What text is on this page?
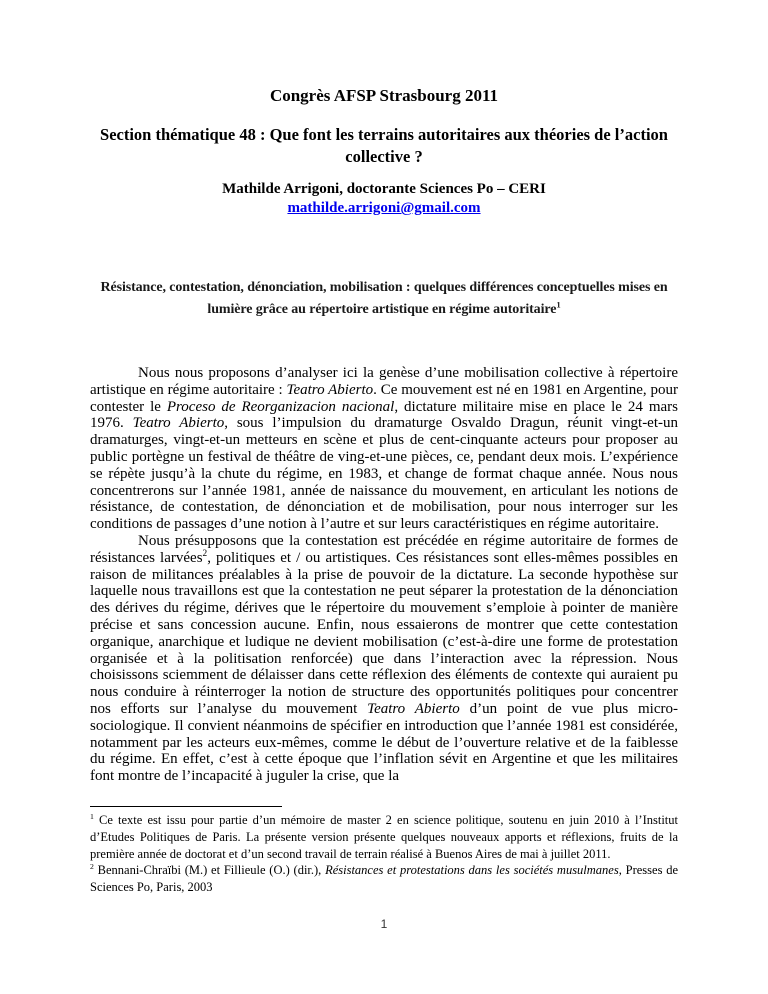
Congrès AFSP Strasbourg 2011
Section thématique 48 : Que font les terrains autoritaires aux théories de l’action collective ?

Mathilde Arrigoni, doctorante Sciences Po – CERI

mathilde.arrigoni@gmail.com

Résistance, contestation, dénonciation, mobilisation : quelques différences conceptuelles mises en lumière grâce au répertoire artistique en régime autoritaire$^1$

Nous nous proposons d’analyser ici la genèse d’une mobilisation collective à répertoire artistique en régime autoritaire : Teatro Abierto. Ce mouvement est né en 1981 en Argentine, pour contester le Proceso de Reorganizacion nacional, dictature militaire mise en place le 24 mars 1976. Teatro Abierto, sous l’impulsion du dramaturge Osvaldo Dragun, réunit vingt-et-un dramaturges, vingt-et-un metteurs en scène et plus de cent-cinquante acteurs pour proposer au public portègne un festival de théâtre de ving-et-une pièces, ce, pendant deux mois. L’expérience se répète jusqu’à la chute du régime, en 1983, et change de format chaque année. Nous nous concentrerons sur l’année 1981, année de naissance du mouvement, en articulant les notions de résistance, de contestation, de dénonciation et de mobilisation, pour nous interroger sur les conditions de passages d’une notion à l’autre et sur leurs caractéristiques en régime autoritaire.

Nous présupposons que la contestation est précédée en régime autoritaire de formes de résistances larvées$^2$, politiques et / ou artistiques. Ces résistances sont elles-mêmes possibles en raison de militances préalables à la prise de pouvoir de la dictature. La seconde hypothèse sur laquelle nous travaillons est que la contestation ne peut séparer la protestation de la dénonciation des dérives du régime, dérives que le répertoire du mouvement s’emploie à pointer de manière précise et sans concession aucune. Enfin, nous essaierons de montrer que cette contestation organique, anarchique et ludique ne devient mobilisation (c’est-à-dire une forme de protestation organisée et à la politisation renforcée) que dans l’interaction avec la répression. Nous choisissons sciemment de délaisser dans cette réflexion des éléments de contexte qui auraient pu nous conduire à réinterroger la notion de structure des opportunités politiques pour concentrer nos efforts sur l’analyse du mouvement Teatro Abierto d’un point de vue plus micro-sociologique. Il convient néanmoins de spécifier en introduction que l’année 1981 est considérée, notamment par les acteurs eux-mêmes, comme le début de l’ouverture relative et de la faiblesse du régime. En effet, c’est à cette époque que l’inflation sévit en Argentine et que les militaires font montre de l’incapacité à juguler la crise, que la

$^1$ Ce texte est issu pour partie d’un mémoire de master 2 en science politique, soutenu en juin 2010 à l’Institut d’Etudes Politiques de Paris. La présente version présente quelques nouveaux apports et réflexions, fruits de la première année de doctorat et d’un second travail de terrain réalisé à Buenos Aires de mai à juillet 2011.

$^2$ Bennani-Chraïbi (M.) et Fillieule (O.) (dir.), Résistances et protestations dans les sociétés musulmanes, Presses de Sciences Po, Paris, 2003

1
